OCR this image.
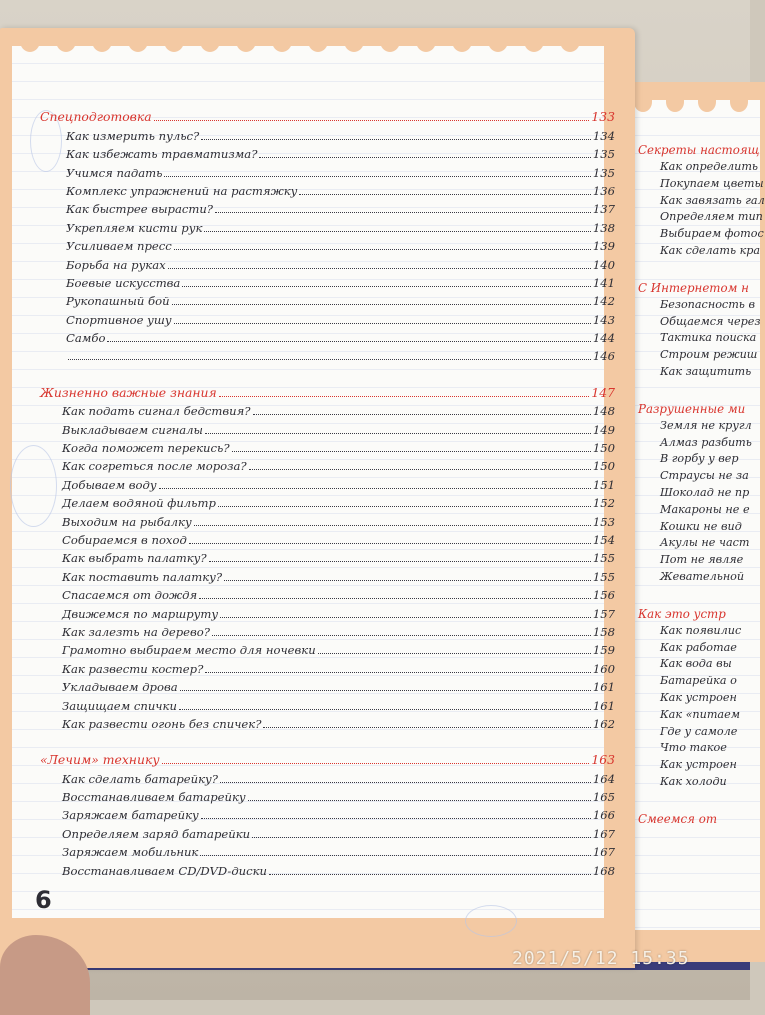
Спецподготовка	133
Как измерить пульс?	134
Как избежать травматизма?	135
Учимся падать	135
Комплекс упражнений на растяжку	136
Как быстрее вырасти?	137
Укрепляем кисти рук	138
Усиливаем пресс	139
Борьба на руках	140
Боевые искусства	141
Рукопашный бой	142
Спортивное ушу	143
Самбо	144
146
Жизненно важные знания	147
Как подать сигнал бедствия?	148
Выкладываем сигналы	149
Когда поможет перекись?	150
Как согреться после мороза?	150
Добываем воду	151
Делаем водяной фильтр	152
Выходим на рыбалку	153
Собираемся в поход	154
Как выбрать палатку?	155
Как поставить палатку?	155
Спасаемся от дождя	156
Движемся по маршруту	157
Как залезть на дерево?	158
Грамотно выбираем место для ночевки	159
Как развести костер?	160
Укладываем дрова	161
Защищаем спички	161
Как развести огонь без спичек?	162
«Лечим» технику	163
Как сделать батарейку?	164
Восстанавливаем батарейку	165
Заряжаем батарейку	166
Определяем заряд батарейки	167
Заряжаем мобильник	167
Восстанавливаем CD/DVD-диски	168
Секреты настоящ
Как определить
Покупаем цветы
Как завязать гал
Определяем тип
Выбираем фотос
Как сделать кра
С Интернетом н
Безопасность в
Общаемся через
Тактика поиска
Строим режиш
Как защитить
Разрушенные ми
Земля не кругл
Алмаз разбить
В горбу у вер
Страусы не за
Шоколад не пр
Макароны не е
Кошки не вид
Акулы не част
Пот не являе
Жевательной
Как это устр
Как появилис
Как работае
Как вода вы
Батарейка о
Как устроен
Как «питаем
Где у самоле
Что такое
Как устроен
Как холоди
Смеемся от
6
2021/5/12 15:35
